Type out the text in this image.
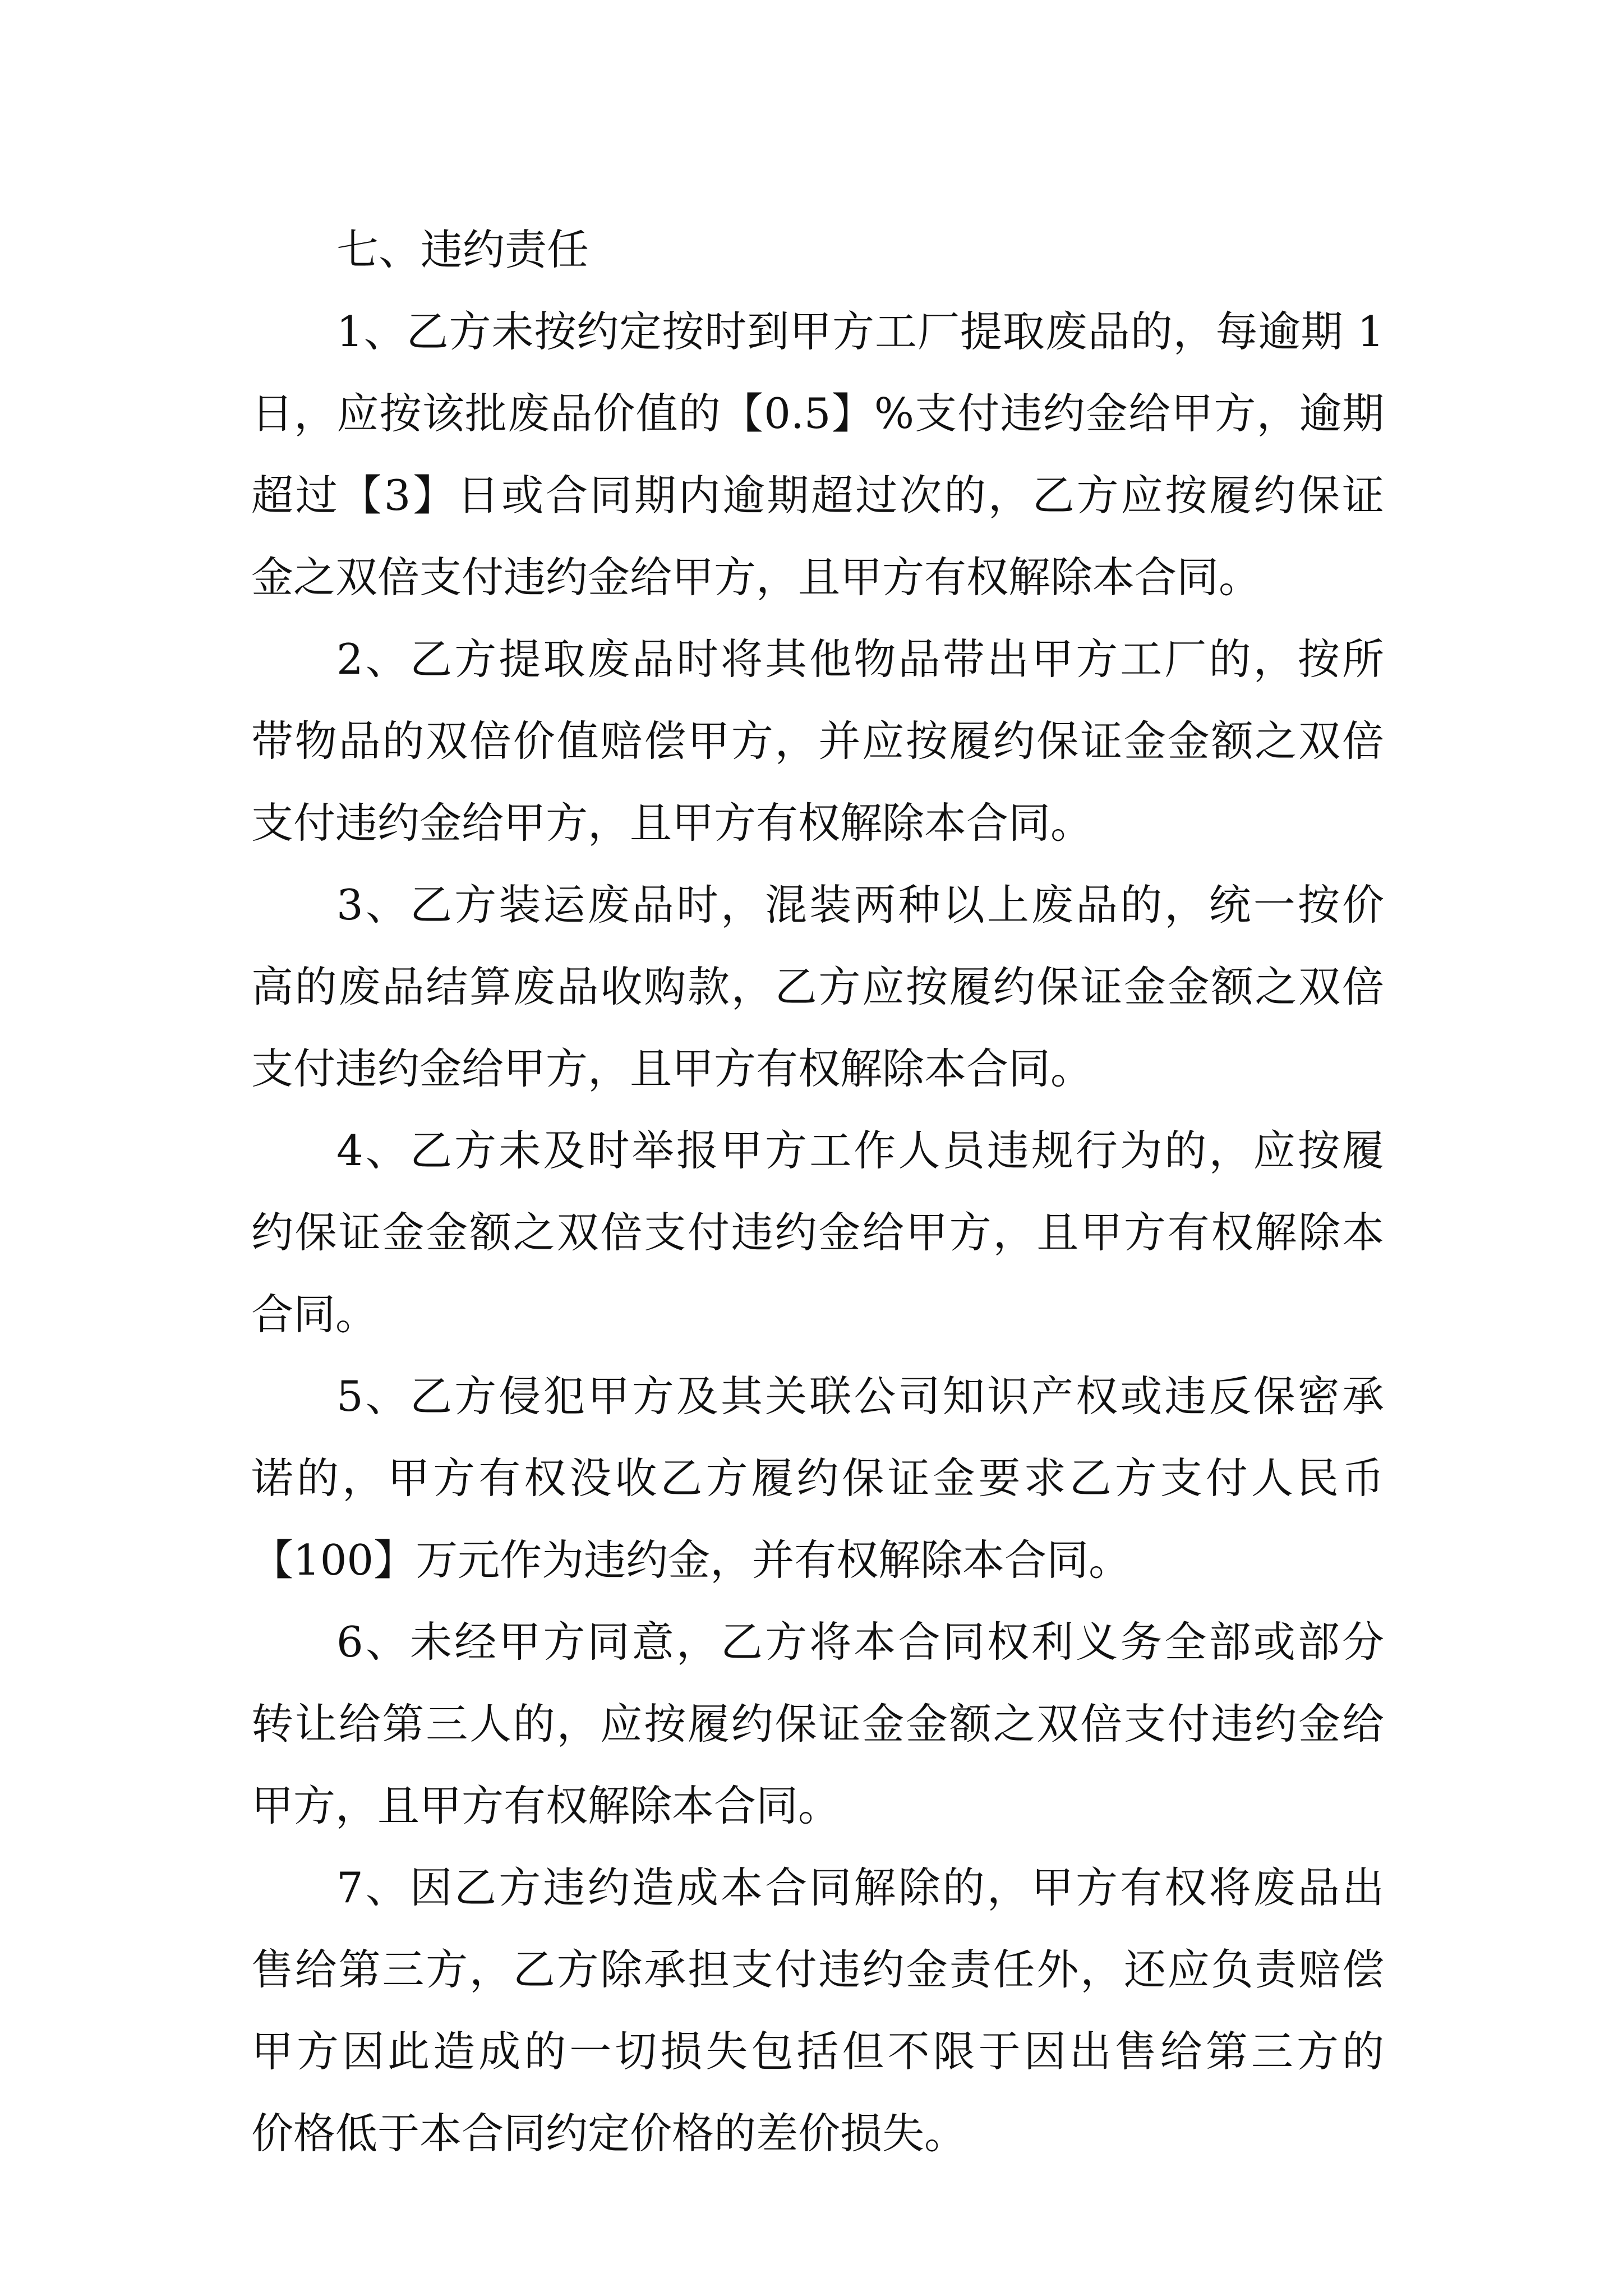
七、违约责任
1、乙方未按约定按时到甲方工厂提取废品的，每逾期 1
日，应按该批废品价值的【0.5】%支付违约金给甲方，逾期
超过【3】日或合同期内逾期超过次的，乙方应按履约保证
金之双倍支付违约金给甲方，且甲方有权解除本合同。
2、乙方提取废品时将其他物品带出甲方工厂的，按所
带物品的双倍价值赔偿甲方，并应按履约保证金金额之双倍
支付违约金给甲方，且甲方有权解除本合同。
3、乙方装运废品时，混装两种以上废品的，统一按价
高的废品结算废品收购款，乙方应按履约保证金金额之双倍
支付违约金给甲方，且甲方有权解除本合同。
4、乙方未及时举报甲方工作人员违规行为的，应按履
约保证金金额之双倍支付违约金给甲方，且甲方有权解除本
合同。
5、乙方侵犯甲方及其关联公司知识产权或违反保密承
诺的，甲方有权没收乙方履约保证金要求乙方支付人民币
【100】万元作为违约金，并有权解除本合同。
6、未经甲方同意，乙方将本合同权利义务全部或部分
转让给第三人的，应按履约保证金金额之双倍支付违约金给
甲方，且甲方有权解除本合同。
7、因乙方违约造成本合同解除的，甲方有权将废品出
售给第三方，乙方除承担支付违约金责任外，还应负责赔偿
甲方因此造成的一切损失包括但不限于因出售给第三方的
价格低于本合同约定价格的差价损失。
